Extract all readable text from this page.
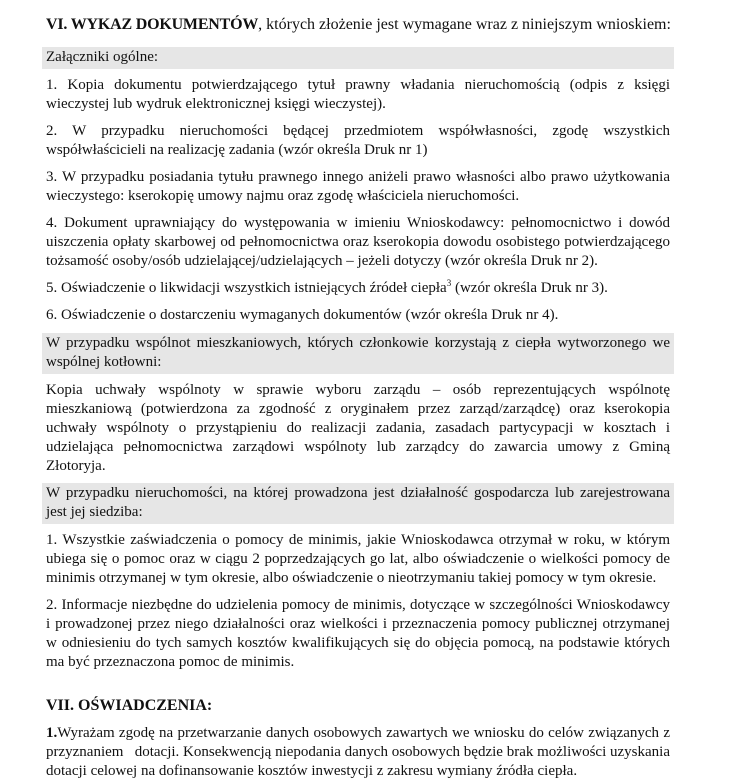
VI. WYKAZ DOKUMENTÓW, których złożenie jest wymagane wraz z niniejszym wnioskiem:
Załączniki ogólne:

1. Kopia dokumentu potwierdzającego tytuł prawny władania nieruchomością (odpis z księgi wieczystej lub wydruk elektronicznej księgi wieczystej).

2. W przypadku nieruchomości będącej przedmiotem współwłasności, zgodę wszystkich współwłaścicieli na realizację zadania (wzór określa Druk nr 1)

3. W przypadku posiadania tytułu prawnego innego aniżeli prawo własności albo prawo użytkowania wieczystego: kserokopię umowy najmu oraz zgodę właściciela nieruchomości.

4. Dokument uprawniający do występowania w imieniu Wnioskodawcy: pełnomocnictwo i dowód uiszczenia opłaty skarbowej od pełnomocnictwa oraz kserokopia dowodu osobistego potwierdzającego tożsamość osoby/osób udzielającej/udzielających – jeżeli dotyczy (wzór określa Druk nr 2).

5. Oświadczenie o likwidacji wszystkich istniejących źródeł ciepła$^3$ (wzór określa Druk nr 3).

6. Oświadczenie o dostarczeniu wymaganych dokumentów (wzór określa Druk nr 4).

W przypadku wspólnot mieszkaniowych, których członkowie korzystają z ciepła wytworzonego we wspólnej kotłowni:

Kopia uchwały wspólnoty w sprawie wyboru zarządu – osób reprezentujących wspólnotę mieszkaniową (potwierdzona za zgodność z oryginałem przez zarząd/zarządcę) oraz kserokopia uchwały wspólnoty o przystąpieniu do realizacji zadania, zasadach partycypacji w kosztach i udzielająca pełnomocnictwa zarządowi wspólnoty lub zarządcy do zawarcia umowy z Gminą Złotoryja.

W przypadku nieruchomości, na której prowadzona jest działalność gospodarcza lub zarejestrowana jest jej siedziba:

1. Wszystkie zaświadczenia o pomocy de minimis, jakie Wnioskodawca otrzymał w roku, w którym ubiega się o pomoc oraz w ciągu 2 poprzedzających go lat, albo oświadczenie o wielkości pomocy de minimis otrzymanej w tym okresie, albo oświadczenie o nieotrzymaniu takiej pomocy w tym okresie.

2. Informacje niezbędne do udzielenia pomocy de minimis, dotyczące w szczególności Wnioskodawcy i prowadzonej przez niego działalności oraz wielkości i przeznaczenia pomocy publicznej otrzymanej w odniesieniu do tych samych kosztów kwalifikujących się do objęcia pomocą, na podstawie których ma być przeznaczona pomoc de minimis.

VII. OŚWIADCZENIA:

1.Wyrażam zgodę na przetwarzanie danych osobowych zawartych we wniosku do celów związanych z przyznaniem   dotacji. Konsekwencją niepodania danych osobowych będzie brak możliwości uzyskania dotacji celowej na dofinansowanie kosztów inwestycji z zakresu wymiany źródła ciepła.
